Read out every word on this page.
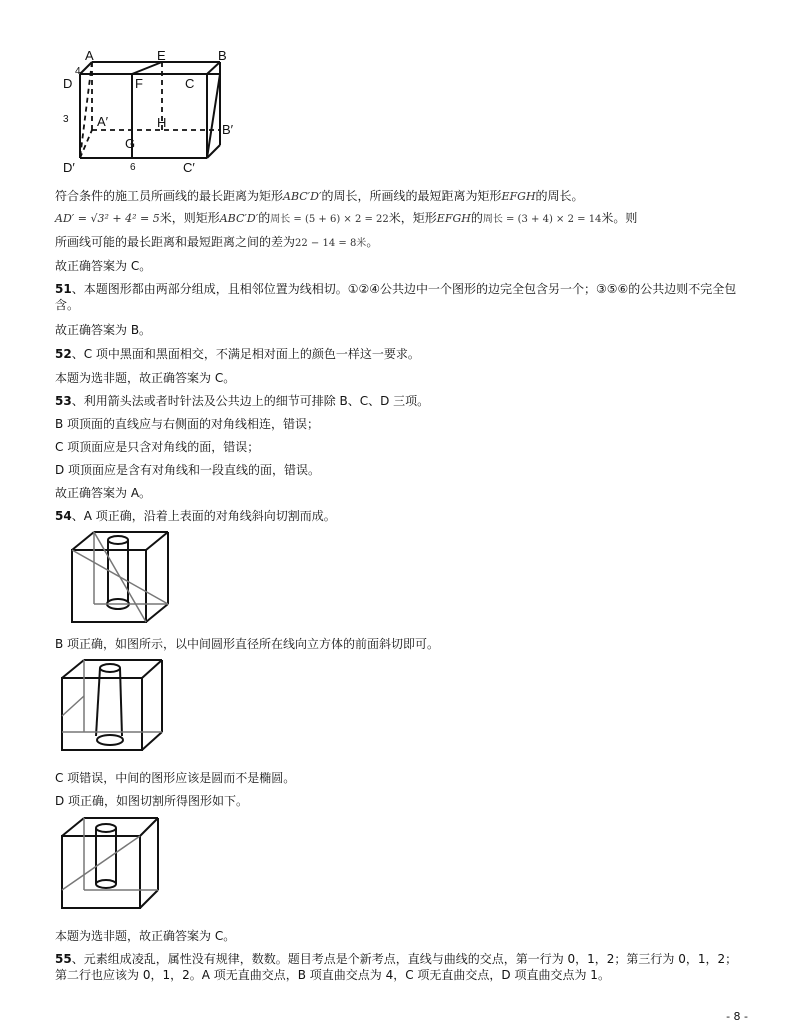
A	E	B
D
4
F	C
3 A′	H	B′
G
D′	6	C′
符合条件的施工员所画线的最长距离为矩形ABC′D′的周长，所画线的最短距离为矩形EFGH的周长。
AD′ = √3² + 4² = 5米，则矩形ABC′D′的周长 = (5 + 6) × 2 = 22米，矩形EFGH的周长 = (3 + 4) × 2 = 14米。则
所画线可能的最长距离和最短距离之间的差为22 − 14 = 8米。
故正确答案为 C。
51、本题图形都由两部分组成，且相邻位置为线相切。①②④公共边中一个图形的边完全包含另一个；③⑤⑥的公共边则不完全包含。
故正确答案为 B。
52、C 项中黑面和黑面相交，不满足相对面上的颜色一样这一要求。
本题为选非题，故正确答案为 C。
53、利用箭头法或者时针法及公共边上的细节可排除 B、C、D 三项。
B 项顶面的直线应与右侧面的对角线相连，错误；
C 项顶面应是只含对角线的面，错误；
D 项顶面应是含有对角线和一段直线的面，错误。
故正确答案为 A。
54、A 项正确，沿着上表面的对角线斜向切割而成。
B 项正确，如图所示，以中间圆形直径所在线向立方体的前面斜切即可。
C 项错误，中间的图形应该是圆而不是椭圆。
D 项正确，如图切割所得图形如下。
本题为选非题，故正确答案为 C。
55、元素组成凌乱，属性没有规律，数数。题目考点是个新考点，直线与曲线的交点，第一行为 0，1，2；第三行为 0，1，2；第二行也应该为 0，1，2。A 项无直曲交点，B 项直曲交点为 4，C 项无直曲交点，D 项直曲交点为 1。
- 8 -
